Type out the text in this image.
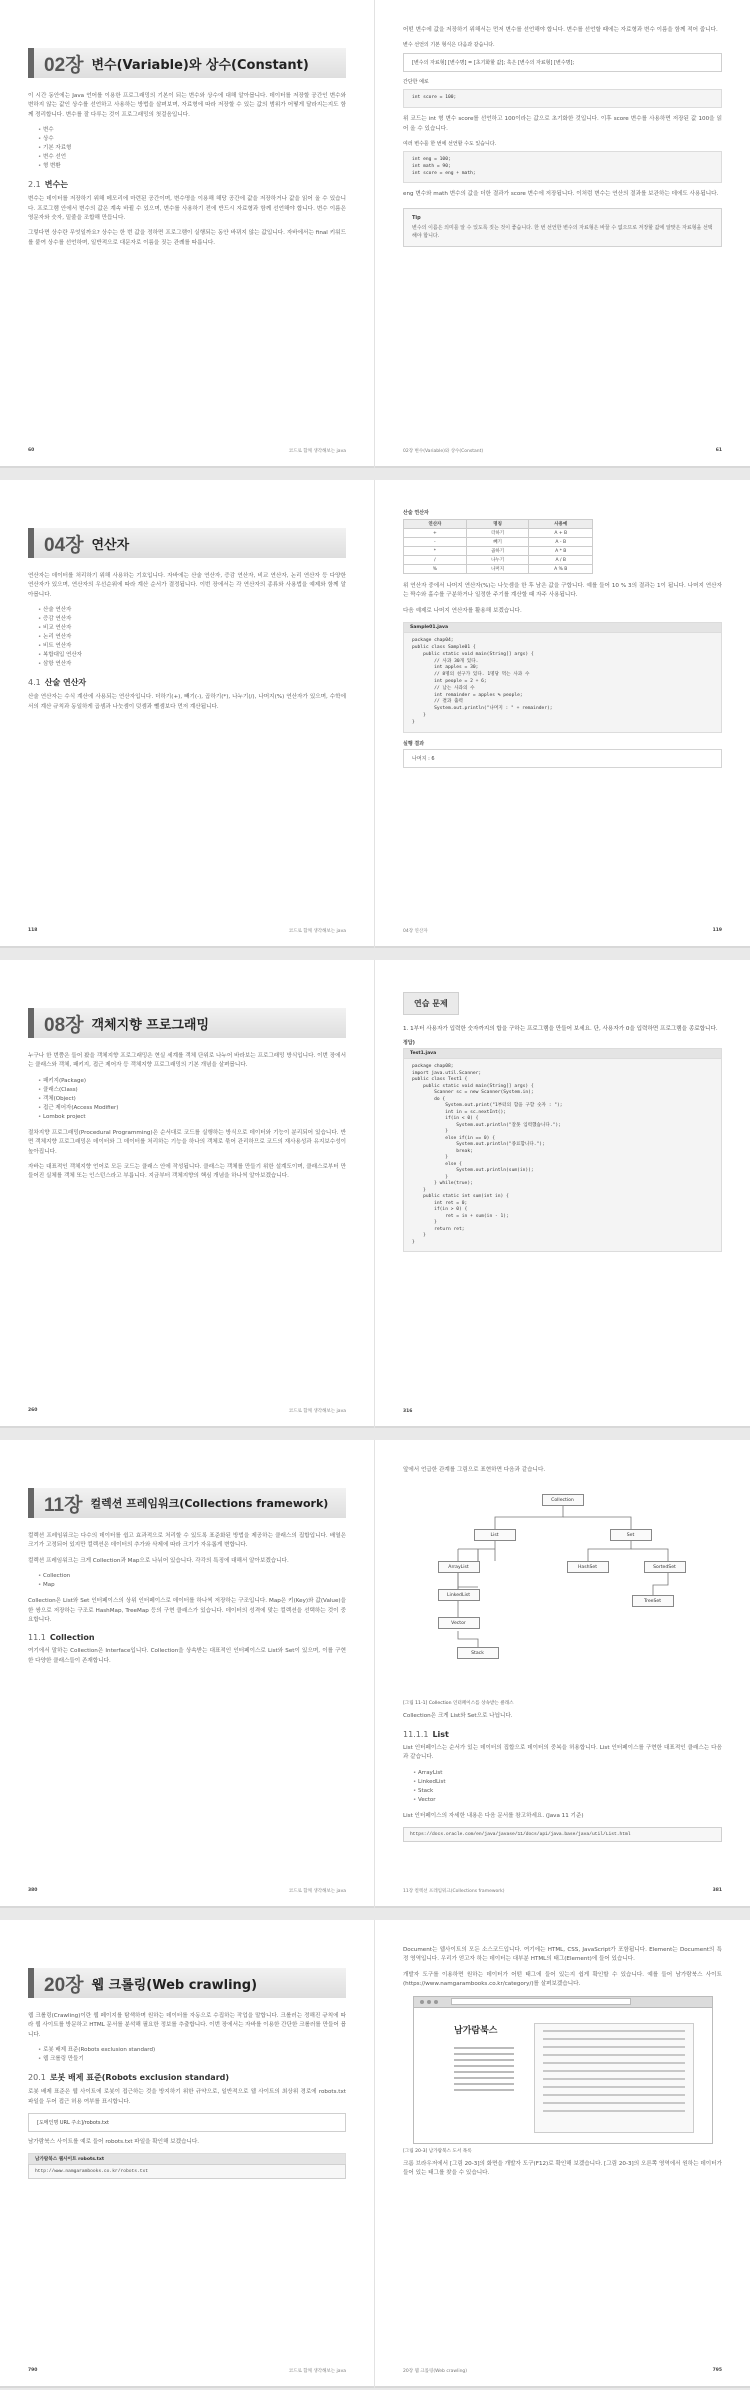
02장 변수(Variable)와 상수(Constant)

이 시간 동안에는 Java 언어를 이용한 프로그래밍의 기본이 되는 변수와 상수에 대해 알아봅니다. 데이터를 저장할 공간인 변수와 변하지 않는 값인 상수를 선언하고 사용하는 방법을 살펴보며, 자료형에 따라 저장할 수 있는 값의 범위가 어떻게 달라지는지도 함께 정리합니다. 변수를 잘 다루는 것이 프로그래밍의 첫걸음입니다.

• 변수
• 상수
• 기본 자료형
• 변수 선언
• 형 변환
2.1 변수는

변수는 데이터를 저장하기 위해 메모리에 마련된 공간이며, 변수명을 이용해 해당 공간에 값을 저장하거나 값을 읽어 올 수 있습니다. 프로그램 안에서 변수의 값은 계속 바뀔 수 있으며, 변수를 사용하기 전에 반드시 자료형과 함께 선언해야 합니다. 변수 이름은 영문자와 숫자, 밑줄을 조합해 만듭니다.

그렇다면 상수란 무엇일까요? 상수는 한 번 값을 정하면 프로그램이 실행되는 동안 바뀌지 않는 값입니다. 자바에서는 final 키워드를 붙여 상수를 선언하며, 일반적으로 대문자로 이름을 짓는 관례를 따릅니다.

60	코드로 함께 생각해보는 java

어떤 변수에 값을 저장하기 위해서는 먼저 변수를 선언해야 합니다. 변수를 선언할 때에는 자료형과 변수 이름을 함께 적어 줍니다.

변수 선언의 기본 형식은 다음과 같습니다.
[변수의 자료형] [변수명] = [초기화할 값]; 혹은 [변수의 자료형] [변수명];
간단한 예로
int score = 100;

위 코드는 int 형 변수 score를 선언하고 100이라는 값으로 초기화한 것입니다. 이후 score 변수를 사용하면 저장된 값 100을 읽어 올 수 있습니다.

여러 변수를 한 번에 선언할 수도 있습니다.
int eng = 100;
int math = 90;
int score = eng + math;

eng 변수와 math 변수의 값을 더한 결과가 score 변수에 저장됩니다. 이처럼 변수는 연산의 결과를 보관하는 데에도 사용됩니다.

Tip
변수의 이름은 의미를 알 수 있도록 짓는 것이 좋습니다. 한 번 선언한 변수의 자료형은 바꿀 수 없으므로 저장할 값에 알맞은 자료형을 선택해야 합니다.
02장 변수(Variable)와 상수(Constant)	61
04장 연산자

연산자는 데이터를 처리하기 위해 사용하는 기호입니다. 자바에는 산술 연산자, 증감 연산자, 비교 연산자, 논리 연산자 등 다양한 연산자가 있으며, 연산자의 우선순위에 따라 계산 순서가 결정됩니다. 이번 장에서는 각 연산자의 종류와 사용법을 예제와 함께 알아봅니다.

• 산술 연산자
• 증감 연산자
• 비교 연산자
• 논리 연산자
• 비트 연산자
• 복합대입 연산자
• 삼항 연산자
4.1 산술 연산자

산술 연산자는 수식 계산에 사용되는 연산자입니다. 더하기(+), 빼기(-), 곱하기(*), 나누기(/), 나머지(%) 연산자가 있으며, 수학에서의 계산 규칙과 동일하게 곱셈과 나눗셈이 덧셈과 뺄셈보다 먼저 계산됩니다.

118	코드로 함께 생각해보는 java
산술 연산자
연산자	명칭	사용예
+	더하기	A + B
-	빼기	A - B
*	곱하기	A * B
/	나누기	A / B
%	나머지	A % B

위 연산자 중에서 나머지 연산자(%)는 나눗셈을 한 후 남은 값을 구합니다. 예를 들어 10 % 3의 결과는 1이 됩니다. 나머지 연산자는 짝수와 홀수를 구분하거나 일정한 주기를 계산할 때 자주 사용됩니다.

다음 예제로 나머지 연산자를 활용해 보겠습니다.

Sample01.java
package chap04;
public class Sample01 {
public static void main(String[] args) {
// 사과 30개 있다.
int apples = 30;
// 8명의 친구가 있다. 1명당 먹는 사과 수
int people = 2 + 6;
// 남는 사과의 수
int remainder = apples % people;
// 결과 출력
System.out.println("나머지 : " + remainder);
}
}
실행 결과
나머지 : 6
04장 연산자	119
08장 객체지향 프로그래밍

누구나 한 번쯤은 들어 봤을 객체지향 프로그래밍은 현실 세계를 객체 단위로 나누어 바라보는 프로그래밍 방식입니다. 이번 장에서는 클래스와 객체, 패키지, 접근 제어자 등 객체지향 프로그래밍의 기본 개념을 살펴봅니다.

• 패키지(Package)
• 클래스(Class)
• 객체(Object)
• 접근 제어자(Access Modifier)
• Lombok project

절차지향 프로그래밍(Procedural Programming)은 순서대로 코드를 실행하는 방식으로 데이터와 기능이 분리되어 있습니다. 반면 객체지향 프로그래밍은 데이터와 그 데이터를 처리하는 기능을 하나의 객체로 묶어 관리하므로 코드의 재사용성과 유지보수성이 높아집니다.

자바는 대표적인 객체지향 언어로 모든 코드는 클래스 안에 작성됩니다. 클래스는 객체를 만들기 위한 설계도이며, 클래스로부터 만들어진 실체를 객체 또는 인스턴스라고 부릅니다. 지금부터 객체지향의 핵심 개념을 하나씩 알아보겠습니다.

260	코드로 함께 생각해보는 java
연습 문제

1. 1부터 사용자가 입력한 숫자까지의 합을 구하는 프로그램을 만들어 보세요. 단, 사용자가 0을 입력하면 프로그램을 종료합니다.

정답)
Test1.java
package chap08;
import java.util.Scanner;
public class Test1 {
public static void main(String[] args) {
Scanner sc = new Scanner(System.in);
do {
System.out.print("1부터의 합을 구할 숫자 : ");
int in = sc.nextInt();
if(in < 0) {
System.out.println("잘못 입력했습니다.");
}
else if(in == 0) {
System.out.println("종료합니다.");
break;
}
else {
System.out.println(sum(in));
}
} while(true);
}
public static int sum(int in) {
int ret = 0;
if(in > 0) {
ret = in + sum(in - 1);
}
return ret;
}
}
316
11장 컬렉션 프레임워크(Collections framework)

컬렉션 프레임워크는 다수의 데이터를 쉽고 효과적으로 처리할 수 있도록 표준화된 방법을 제공하는 클래스의 집합입니다. 배열은 크기가 고정되어 있지만 컬렉션은 데이터의 추가와 삭제에 따라 크기가 자유롭게 변합니다.

컬렉션 프레임워크는 크게 Collection과 Map으로 나뉘어 있습니다. 각각의 특징에 대해서 알아보겠습니다.

• Collection
• Map

Collection은 List와 Set 인터페이스의 상위 인터페이스로 데이터를 하나씩 저장하는 구조입니다. Map은 키(Key)와 값(Value)을 한 쌍으로 저장하는 구조로 HashMap, TreeMap 등의 구현 클래스가 있습니다. 데이터의 성격에 맞는 컬렉션을 선택하는 것이 중요합니다.

11.1 Collection

여기에서 말하는 Collection은 Interface입니다. Collection을 상속받는 대표적인 인터페이스로 List와 Set이 있으며, 이를 구현한 다양한 클래스들이 존재합니다.

380	코드로 함께 생각해보는 java

앞에서 언급한 관계를 그림으로 표현하면 다음과 같습니다.

Collection
List	Set
ArrayList
LinkedList
Vector
Stack
HashSet	SortedSet
TreeSet
[그림 11-1] Collection 인터페이스를 상속받는 클래스

Collection은 크게 List와 Set으로 나뉩니다.

11.1.1 List

List 인터페이스는 순서가 있는 데이터의 집합으로 데이터의 중복을 허용합니다. List 인터페이스를 구현한 대표적인 클래스는 다음과 같습니다.

• ArrayList
• LinkedList
• Stack
• Vector

List 인터페이스의 자세한 내용은 다음 문서를 참고하세요. (Java 11 기준)

https://docs.oracle.com/en/java/javase/11/docs/api/java.base/java/util/List.html
11장 컬렉션 프레임워크(Collections framework)	381
20장 웹 크롤링(Web crawling)

웹 크롤링(Crawling)이란 웹 페이지를 탐색하며 원하는 데이터를 자동으로 수집하는 작업을 말합니다. 크롤러는 정해진 규칙에 따라 웹 사이트를 방문하고 HTML 문서를 분석해 필요한 정보를 추출합니다. 이번 장에서는 자바를 이용한 간단한 크롤러를 만들어 봅니다.

• 로봇 배제 표준(Robots exclusion standard)
• 웹 크롤링 만들기
20.1 로봇 배제 표준(Robots exclusion standard)

로봇 배제 표준은 웹 사이트에 로봇이 접근하는 것을 방지하기 위한 규약으로, 일반적으로 웹 사이트의 최상위 경로에 robots.txt 파일을 두어 접근 허용 여부를 표시합니다.

[도메인명 URL 주소]/robots.txt

남가람북스 사이트를 예로 들어 robots.txt 파일을 확인해 보겠습니다.

남가람북스 웹사이트 robots.txt
http://www.namgarambooks.co.kr/robots.txt
790	코드로 함께 생각해보는 java

Document는 웹사이트의 모든 소스코드입니다. 여기에는 HTML, CSS, JavaScript가 포함됩니다. Element는 Document의 특정 영역입니다. 우리가 얻고자 하는 데이터는 대부분 HTML의 태그(Element)에 들어 있습니다.

개발자 도구를 이용하면 원하는 데이터가 어떤 태그에 들어 있는지 쉽게 확인할 수 있습니다. 예를 들어 남가람북스 사이트(https://www.namgarambooks.co.kr/category/)를 살펴보겠습니다.

남가람북스
[그림 20-3] 남가람북스 도서 목록

크롬 브라우저에서 [그림 20-3]의 화면을 개발자 도구(F12)로 확인해 보겠습니다. [그림 20-3]의 오른쪽 영역에서 원하는 데이터가 들어 있는 태그를 찾을 수 있습니다.

20장 웹 크롤링(Web crawling)	795
